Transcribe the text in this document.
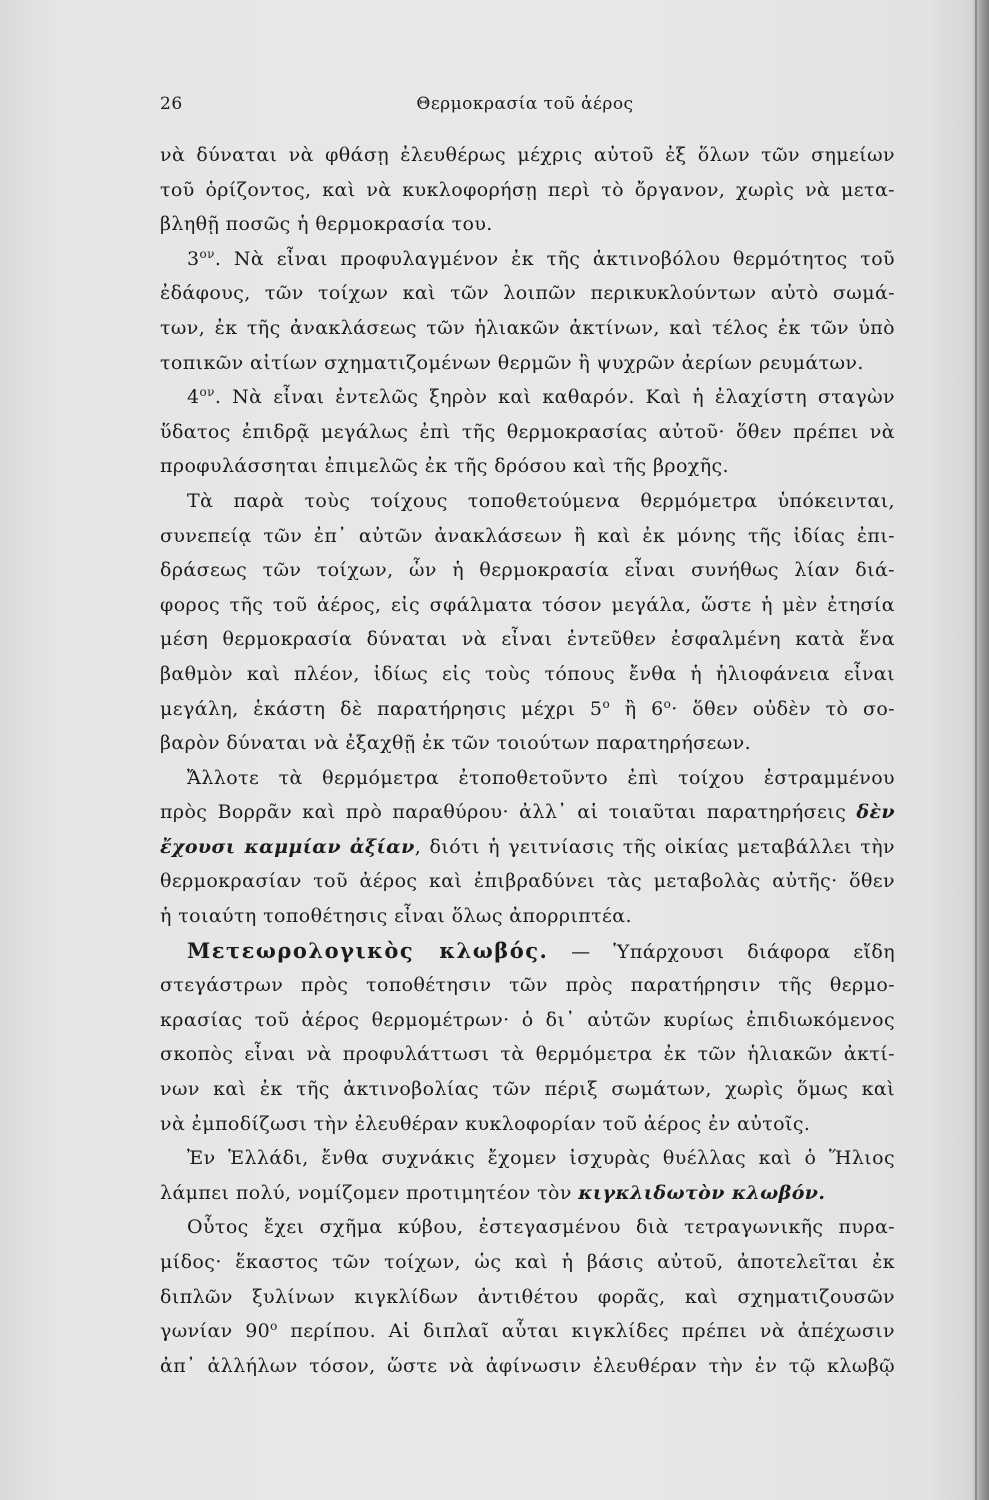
26	Θερμοκρασία τοῦ ἀέρος
νὰ δύναται νὰ φθάσῃ ἐλευθέρως μέχρις αὐτοῦ ἐξ ὅλων τῶν σημείων
τοῦ ὁρίζοντος, καὶ νὰ κυκλοφορήσῃ περὶ τὸ ὄργανον, χωρὶς νὰ μετα-
βληθῇ ποσῶς ἡ θερμοκρασία του.
$3^{o\nu}$. Νὰ εἶναι προφυλαγμένον ἐκ τῆς ἀκτινοβόλου θερμότητος τοῦ
ἐδάφους, τῶν τοίχων καὶ τῶν λοιπῶν περικυκλούντων αὐτὸ σωμά-
των, ἐκ τῆς ἀνακλάσεως τῶν ἡλιακῶν ἀκτίνων, καὶ τέλος ἐκ τῶν ὑπὸ
τοπικῶν αἰτίων σχηματιζομένων θερμῶν ἢ ψυχρῶν ἀερίων ρευμάτων.
$4^{o\nu}$. Νὰ εἶναι ἐντελῶς ξηρὸν καὶ καθαρόν. Καὶ ἡ ἐλαχίστη σταγὼν
ὕδατος ἐπιδρᾷ μεγάλως ἐπὶ τῆς θερμοκρασίας αὐτοῦ· ὅθεν πρέπει νὰ
προφυλάσσηται ἐπιμελῶς ἐκ τῆς δρόσου καὶ τῆς βροχῆς.
Τὰ παρὰ τοὺς τοίχους τοποθετούμενα θερμόμετρα ὑπόκεινται,
συνεπείᾳ τῶν ἐπ᾽ αὐτῶν ἀνακλάσεων ἢ καὶ ἐκ μόνης τῆς ἰδίας ἐπι-
δράσεως τῶν τοίχων, ὧν ἡ θερμοκρασία εἶναι συνήθως λίαν διά-
φορος τῆς τοῦ ἀέρος, εἰς σφάλματα τόσον μεγάλα, ὥστε ἡ μὲν ἐτησία
μέση θερμοκρασία δύναται νὰ εἶναι ἐντεῦθεν ἐσφαλμένη κατὰ ἕνα
βαθμὸν καὶ πλέον, ἰδίως εἰς τοὺς τόπους ἔνθα ἡ ἡλιοφάνεια εἶναι
μεγάλη, ἑκάστη δὲ παρατήρησις μέχρι $5^o$ ἢ $6^o\cdot$ ὅθεν οὐδὲν τὸ σο-
βαρὸν δύναται νὰ ἐξαχθῇ ἐκ τῶν τοιούτων παρατηρήσεων.
Ἄλλοτε τὰ θερμόμετρα ἐτοποθετοῦντο ἐπὶ τοίχου ἐστραμμένου
πρὸς Βορρᾶν καὶ πρὸ παραθύρου· ἀλλ᾽ αἱ τοιαῦται παρατηρήσεις δὲν
ἔχουσι καμμίαν ἀξίαν, διότι ἡ γειτνίασις τῆς οἰκίας μεταβάλλει τὴν
θερμοκρασίαν τοῦ ἀέρος καὶ ἐπιβραδύνει τὰς μεταβολὰς αὐτῆς· ὅθεν
ἡ τοιαύτη τοποθέτησις εἶναι ὅλως ἀπορριπτέα.
Μετεωρολογικὸς κλωβός. — Ὑπάρχουσι διάφορα εἴδη
στεγάστρων πρὸς τοποθέτησιν τῶν πρὸς παρατήρησιν τῆς θερμο-
κρασίας τοῦ ἀέρος θερμομέτρων· ὁ δι᾽ αὐτῶν κυρίως ἐπιδιωκόμενος
σκοπὸς εἶναι νὰ προφυλάττωσι τὰ θερμόμετρα ἐκ τῶν ἡλιακῶν ἀκτί-
νων καὶ ἐκ τῆς ἀκτινοβολίας τῶν πέριξ σωμάτων, χωρὶς ὅμως καὶ
νὰ ἐμποδίζωσι τὴν ἐλευθέραν κυκλοφορίαν τοῦ ἀέρος ἐν αὐτοῖς.
Ἐν Ἑλλάδι, ἔνθα συχνάκις ἔχομεν ἰσχυρὰς θυέλλας καὶ ὁ Ἥλιος
λάμπει πολύ, νομίζομεν προτιμητέον τὸν κιγκλιδωτὸν κλωβόν.
Οὗτος ἔχει σχῆμα κύβου, ἐστεγασμένου διὰ τετραγωνικῆς πυρα-
μίδος· ἕκαστος τῶν τοίχων, ὡς καὶ ἡ βάσις αὐτοῦ, ἀποτελεῖται ἐκ
διπλῶν ξυλίνων κιγκλίδων ἀντιθέτου φορᾶς, καὶ σχηματιζουσῶν
γωνίαν $90^o$ περίπου. Αἱ διπλαῖ αὗται κιγκλίδες πρέπει νὰ ἀπέχωσιν
ἀπ᾽ ἀλλήλων τόσον, ὥστε νὰ ἀφίνωσιν ἐλευθέραν τὴν ἐν τῷ κλωβῷ
